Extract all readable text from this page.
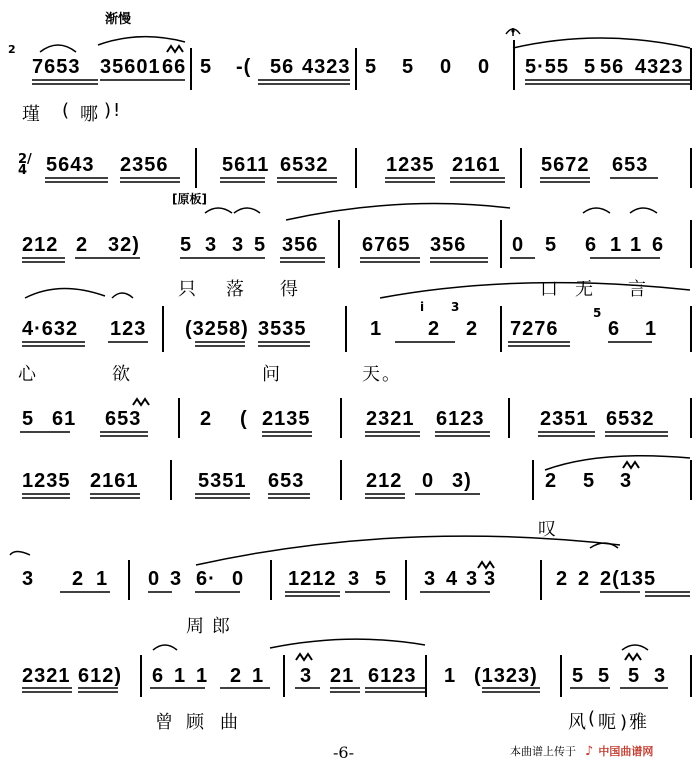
渐慢
[原板]
2
2/4
i 3	5
7653 35601 66 5 -( 56 4323 5 5 0 0 5·55 5 56 4323
瑾 ( 哪 )!
5643 2356	5611 6532	1235 2161 5672 653
212 2 32) 5 3 3 5 356 6765 356 0 5 6 1 1 6
只 落 得	口 无 言
4·632 123 (3258) 3535	1 2 2 7276 6 1
心	欲	问	天。
5 61 653	2 ( 2135	2321 6123	2351 6532
1235 2161	5351 653	212 0 3)	2 5 3
叹
3 2 1 0 3 6· 0 1212 3 5 3 4 3 3	2 2 2(135
周 郎
2321 612) 6 1 1 2 1 3 21 6123 1 (1323) 5 5 5 3
曾 顾 曲	风 ( 呃 )雅
-6-	本曲谱上传于 ♪ 中国曲谱网
